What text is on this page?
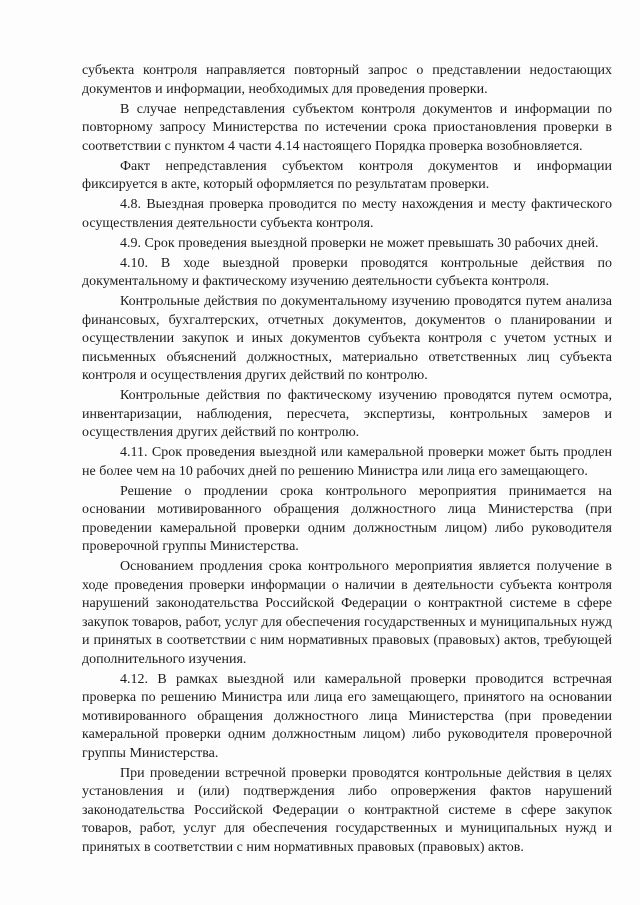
субъекта контроля направляется повторный запрос о представлении недостающих документов и информации, необходимых для проведения проверки.

В случае непредставления субъектом контроля документов и информации по повторному запросу Министерства по истечении срока приостановления проверки в соответствии с пунктом 4 части 4.14 настоящего Порядка проверка возобновляется.

Факт непредставления субъектом контроля документов и информации фиксируется в акте, который оформляется по результатам проверки.

4.8. Выездная проверка проводится по месту нахождения и месту фактического осуществления деятельности субъекта контроля.

4.9. Срок проведения выездной проверки не может превышать 30 рабочих дней.

4.10. В ходе выездной проверки проводятся контрольные действия по документальному и фактическому изучению деятельности субъекта контроля.

Контрольные действия по документальному изучению проводятся путем анализа финансовых, бухгалтерских, отчетных документов, документов о планировании и осуществлении закупок и иных документов субъекта контроля с учетом устных и письменных объяснений должностных, материально ответственных лиц субъекта контроля и осуществления других действий по контролю.

Контрольные действия по фактическому изучению проводятся путем осмотра, инвентаризации, наблюдения, пересчета, экспертизы, контрольных замеров и осуществления других действий по контролю.

4.11. Срок проведения выездной или камеральной проверки может быть продлен не более чем на 10 рабочих дней по решению Министра или лица его замещающего.

Решение о продлении срока контрольного мероприятия принимается на основании мотивированного обращения должностного лица Министерства (при проведении камеральной проверки одним должностным лицом) либо руководителя проверочной группы Министерства.

Основанием продления срока контрольного мероприятия является получение в ходе проведения проверки информации о наличии в деятельности субъекта контроля нарушений законодательства Российской Федерации о контрактной системе в сфере закупок товаров, работ, услуг для обеспечения государственных и муниципальных нужд и принятых в соответствии с ним нормативных правовых (правовых) актов, требующей дополнительного изучения.

4.12. В рамках выездной или камеральной проверки проводится встречная проверка по решению Министра или лица его замещающего, принятого на основании мотивированного обращения должностного лица Министерства (при проведении камеральной проверки одним должностным лицом) либо руководителя проверочной группы Министерства.

При проведении встречной проверки проводятся контрольные действия в целях установления и (или) подтверждения либо опровержения фактов нарушений законодательства Российской Федерации о контрактной системе в сфере закупок товаров, работ, услуг для обеспечения государственных и муниципальных нужд и принятых в соответствии с ним нормативных правовых (правовых) актов.
